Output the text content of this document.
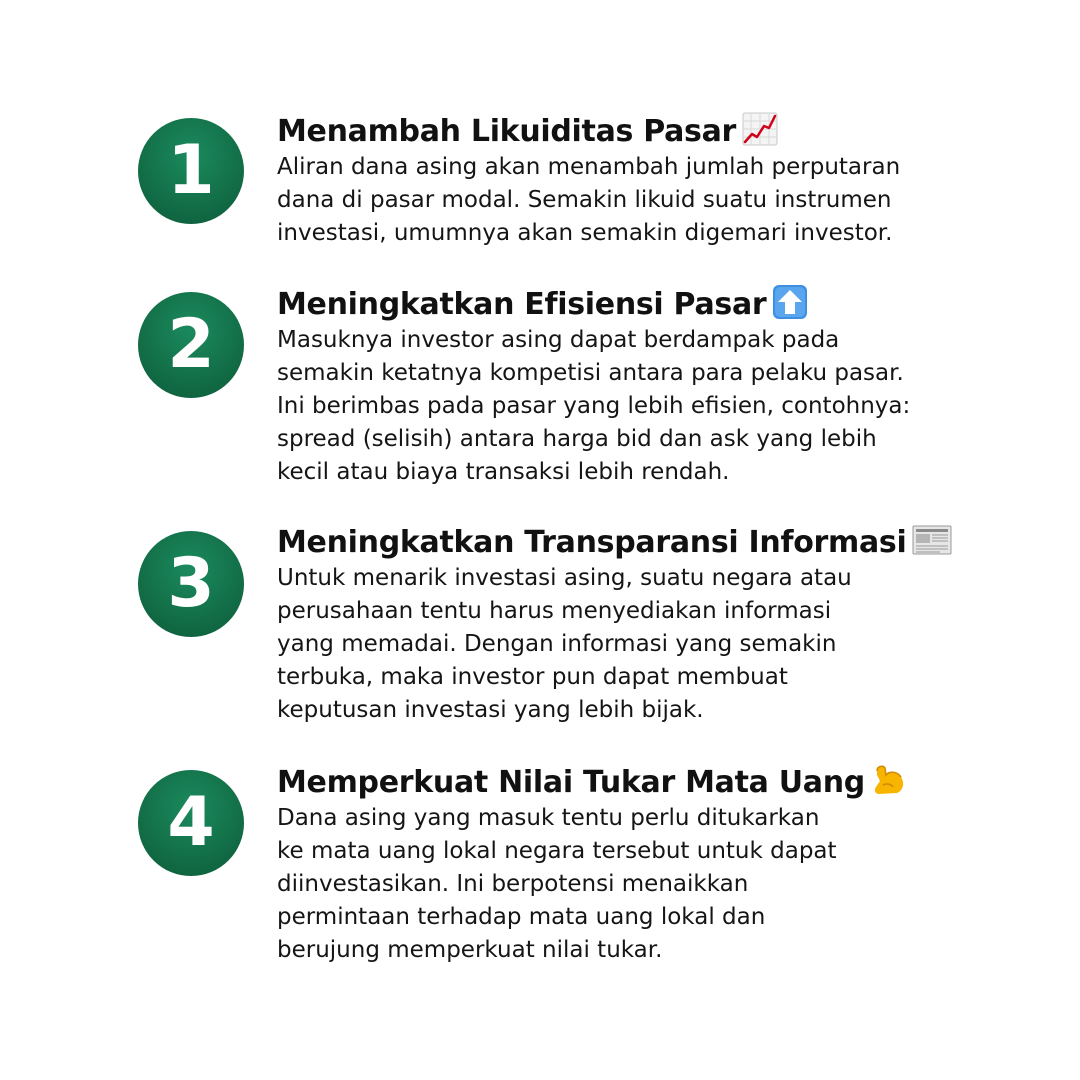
1 Menambah Likuiditas Pasar
Aliran dana asing akan menambah jumlah perputaran
dana di pasar modal. Semakin likuid suatu instrumen
investasi, umumnya akan semakin digemari investor.
2
Meningkatkan Efisiensi Pasar
Masuknya investor asing dapat berdampak pada
semakin ketatnya kompetisi antara para pelaku pasar.
Ini berimbas pada pasar yang lebih efisien, contohnya:
spread (selisih) antara harga bid dan ask yang lebih
kecil atau biaya transaksi lebih rendah.
3
Meningkatkan Transparansi Informasi
Untuk menarik investasi asing, suatu negara atau
perusahaan tentu harus menyediakan informasi
yang memadai. Dengan informasi yang semakin
terbuka, maka investor pun dapat membuat
keputusan investasi yang lebih bijak.
4
Memperkuat Nilai Tukar Mata Uang
Dana asing yang masuk tentu perlu ditukarkan
ke mata uang lokal negara tersebut untuk dapat
diinvestasikan. Ini berpotensi menaikkan
permintaan terhadap mata uang lokal dan
berujung memperkuat nilai tukar.
